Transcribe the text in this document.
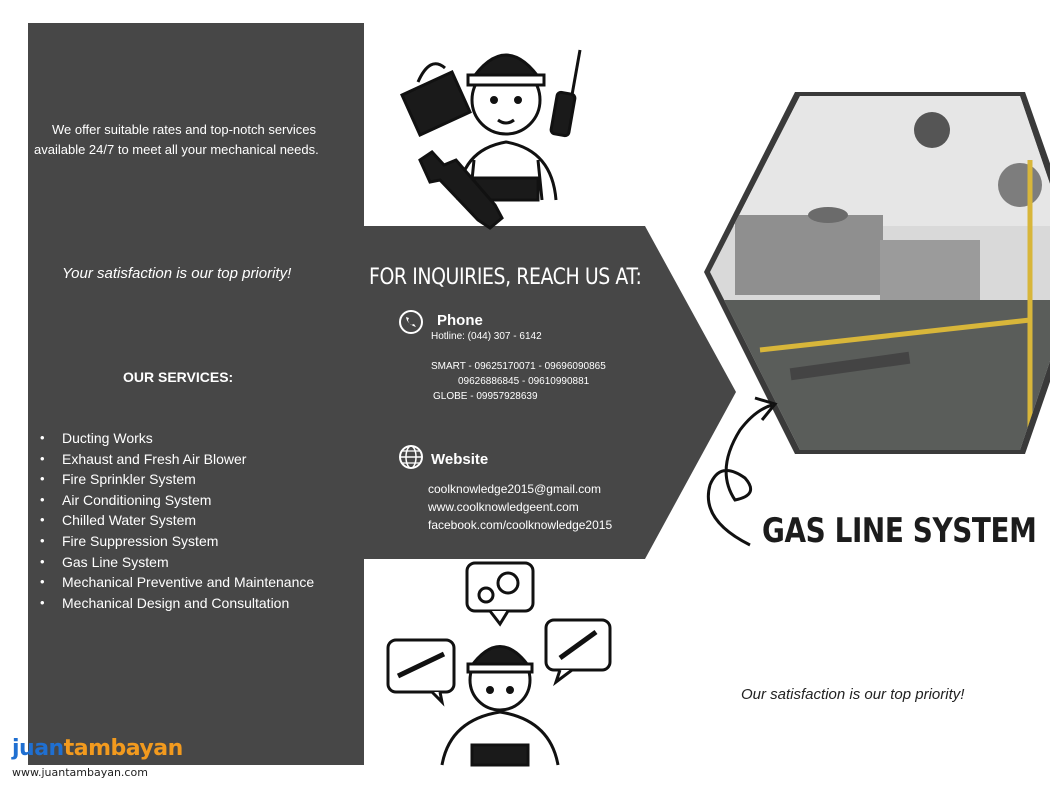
We offer suitable rates and top-notch services available 24/7 to meet all your mechanical needs.
Your satisfaction is our top priority!
OUR SERVICES:
• Ducting Works
• Exhaust and Fresh Air Blower
• Fire Sprinkler System
• Air Conditioning System
• Chilled Water System
• Fire Suppression System
• Gas Line System
• Mechanical Preventive and Maintenance
• Mechanical Design and Consultation
FOR INQUIRIES, REACH US AT:
Phone
Hotline: (044) 307 - 6142
SMART - 09625170071 - 09696090865
09626886845 - 09610990881
GLOBE - 09957928639
Website
coolknowledge2015@gmail.com
www.coolknowledgeent.com
facebook.com/coolknowledge2015	GAS LINE SYSTEM
Our satisfaction is our top priority!
juantambayan
www.juantambayan.com
